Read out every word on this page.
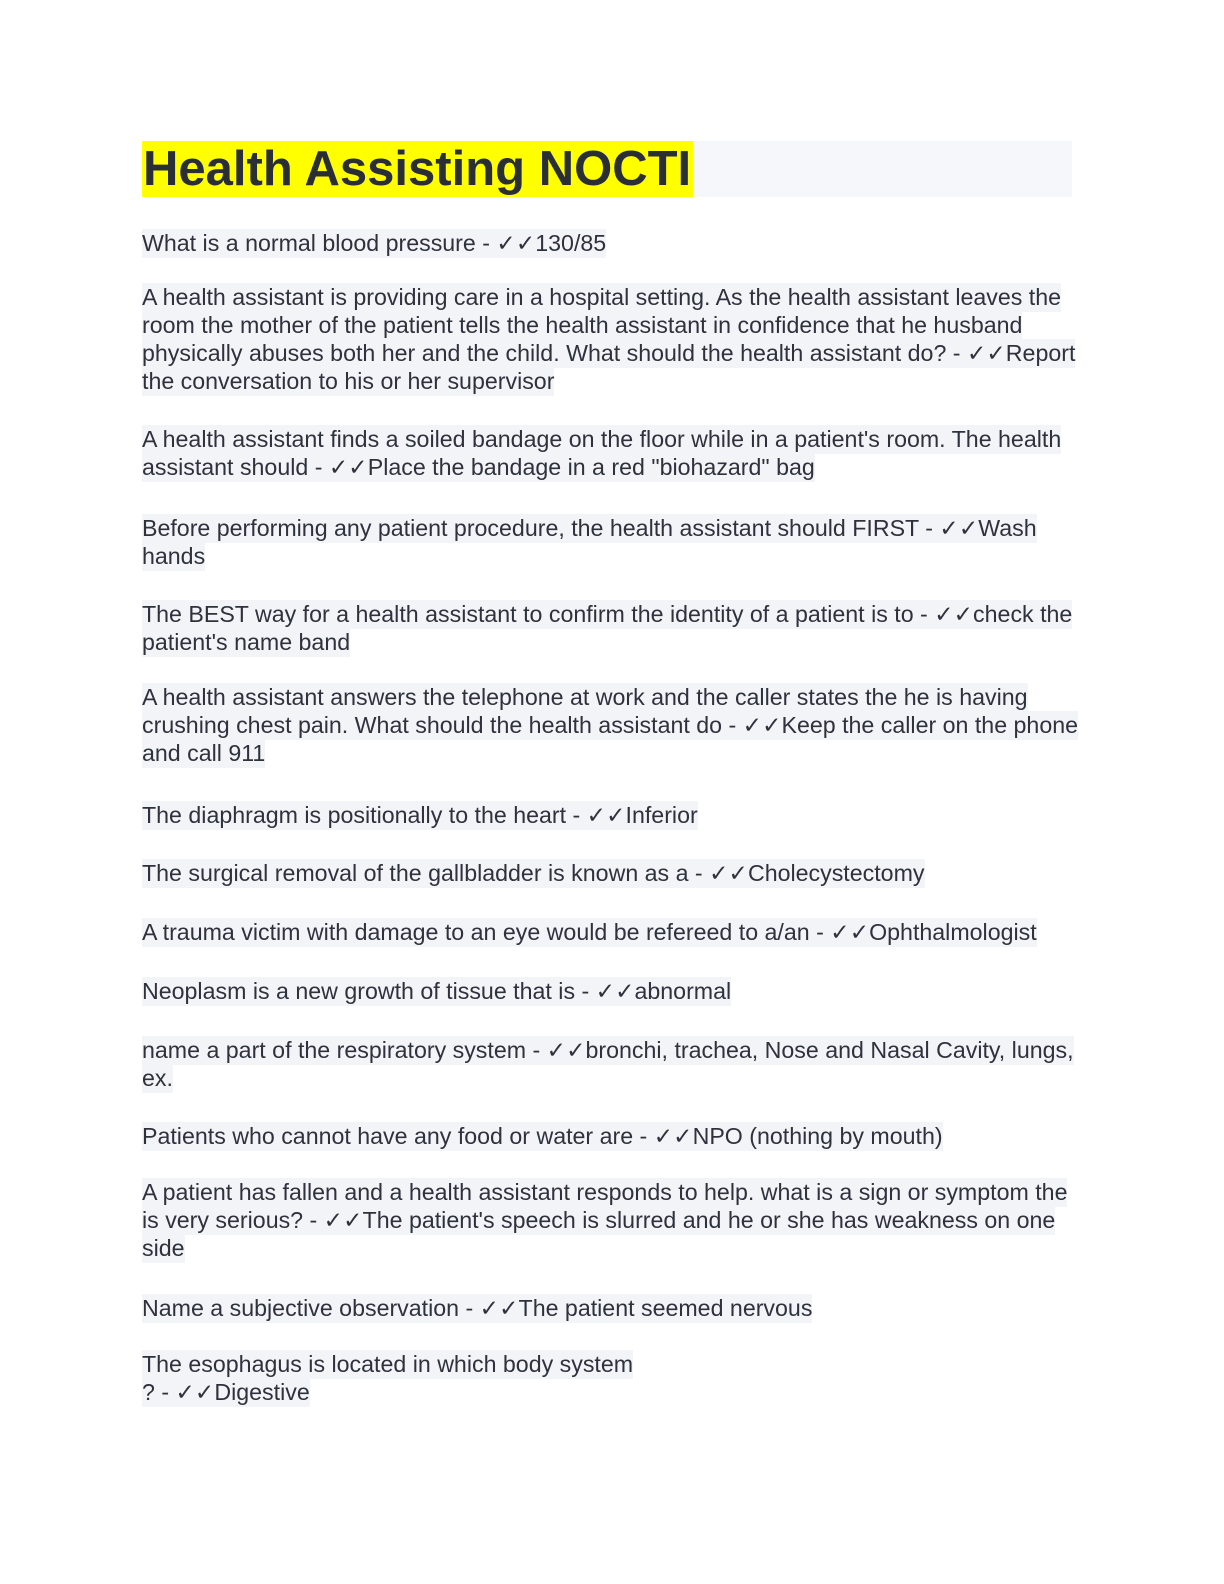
Health Assisting NOCTI

What is a normal blood pressure - ✓✓130/85

A health assistant is providing care in a hospital setting. As the health assistant leaves the room the mother of the patient tells the health assistant in confidence that he husband physically abuses both her and the child. What should the health assistant do? - ✓✓Report the conversation to his or her supervisor

A health assistant finds a soiled bandage on the floor while in a patient's room. The health assistant should - ✓✓Place the bandage in a red "biohazard" bag

Before performing any patient procedure, the health assistant should FIRST - ✓✓Wash hands

The BEST way for a health assistant to confirm the identity of a patient is to - ✓✓check the patient's name band

A health assistant answers the telephone at work and the caller states the he is having crushing chest pain. What should the health assistant do - ✓✓Keep the caller on the phone and call 911

The diaphragm is positionally to the heart - ✓✓Inferior

The surgical removal of the gallbladder is known as a - ✓✓Cholecystectomy

A trauma victim with damage to an eye would be refereed to a/an - ✓✓Ophthalmologist

Neoplasm is a new growth of tissue that is - ✓✓abnormal

name a part of the respiratory system - ✓✓bronchi, trachea, Nose and Nasal Cavity, lungs, ex.

Patients who cannot have any food or water are - ✓✓NPO (nothing by mouth)

A patient has fallen and a health assistant responds to help. what is a sign or symptom the is very serious? - ✓✓The patient's speech is slurred and he or she has weakness on one side

Name a subjective observation - ✓✓The patient seemed nervous

The esophagus is located in which body system
? - ✓✓Digestive
